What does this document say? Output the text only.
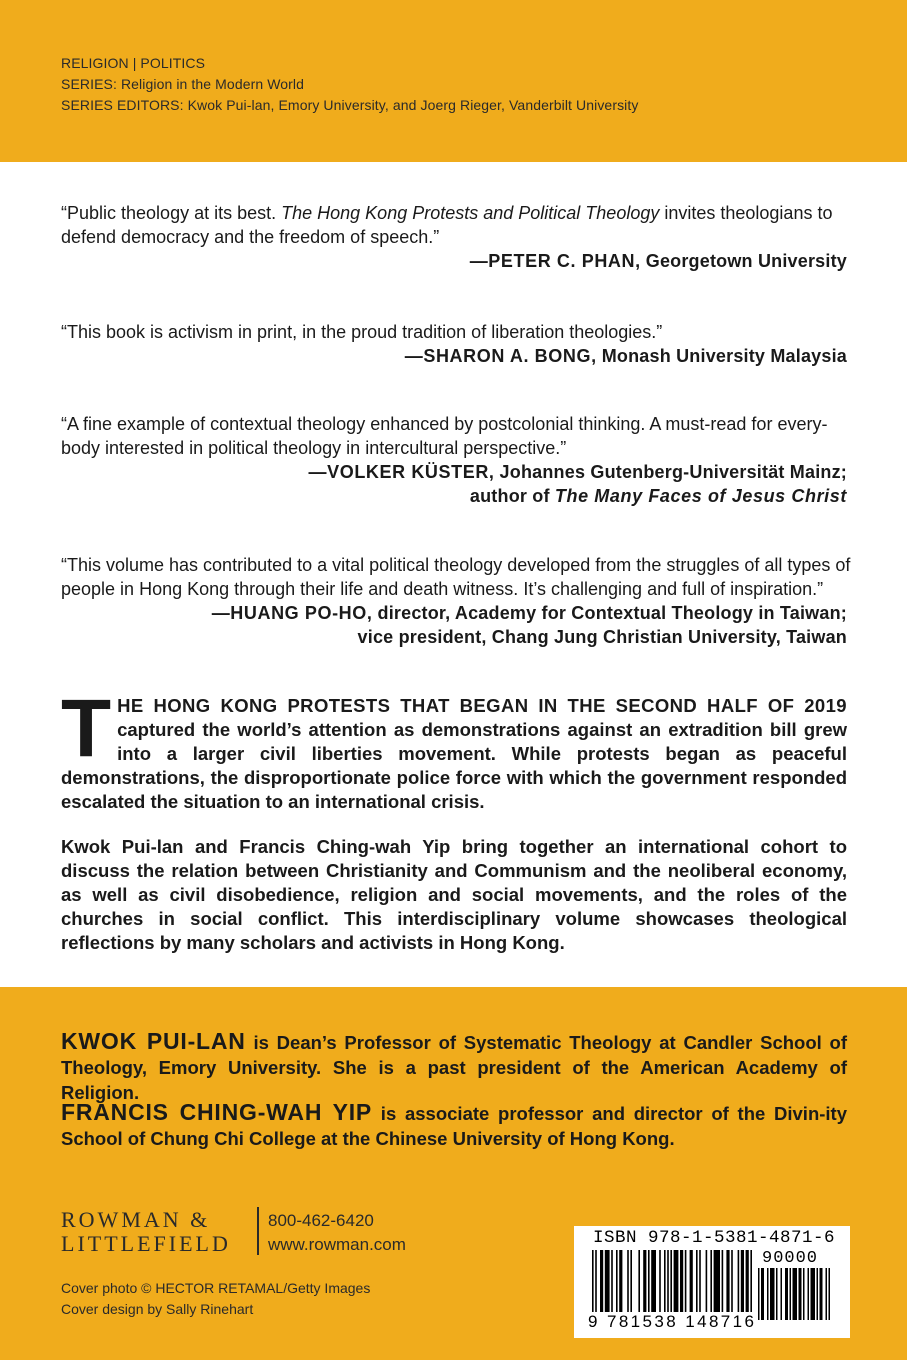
RELIGION | POLITICS
SERIES: Religion in the Modern World
SERIES EDITORS: Kwok Pui-lan, Emory University, and Joerg Rieger, Vanderbilt University
“Public theology at its best. The Hong Kong Protests and Political Theology invites theologians to defend democracy and the freedom of speech.”
—PETER C. PHAN, Georgetown University
“This book is activism in print, in the proud tradition of liberation theologies.”
—SHARON A. BONG, Monash University Malaysia
“A fine example of contextual theology enhanced by postcolonial thinking. A must-read for every-body interested in political theology in intercultural perspective.”
—VOLKER KÜSTER, Johannes Gutenberg-Universität Mainz;
author of The Many Faces of Jesus Christ
“This volume has contributed to a vital political theology developed from the struggles of all types of people in Hong Kong through their life and death witness. It’s challenging and full of inspiration.”
—HUANG PO-HO, director, Academy for Contextual Theology in Taiwan;
vice president, Chang Jung Christian University, Taiwan
THE HONG KONG PROTESTS THAT BEGAN IN THE SECOND HALF OF 2019 captured the world’s attention as demonstrations against an extradition bill grew into a larger civil liberties movement. While protests began as peaceful demonstrations, the disproportionate police force with which the government responded escalated the situation to an international crisis.
Kwok Pui-lan and Francis Ching-wah Yip bring together an international cohort to discuss the relation between Christianity and Communism and the neoliberal economy, as well as civil disobedience, religion and social movements, and the roles of the churches in social conflict. This interdisciplinary volume showcases theological reflections by many scholars and activists in Hong Kong.
KWOK PUI-LAN is Dean’s Professor of Systematic Theology at Candler School of Theology, Emory University. She is a past president of the American Academy of Religion.
FRANCIS CHING-WAH YIP is associate professor and director of the Divin-ity School of Chung Chi College at the Chinese University of Hong Kong.
ROWMAN &
LITTLEFIELD
800-462-6420
www.rowman.com
Cover photo © HECTOR RETAMAL/Getty Images
Cover design by Sally Rinehart
ISBN 978-1-5381-4871-6
90000
9 781538 148716
